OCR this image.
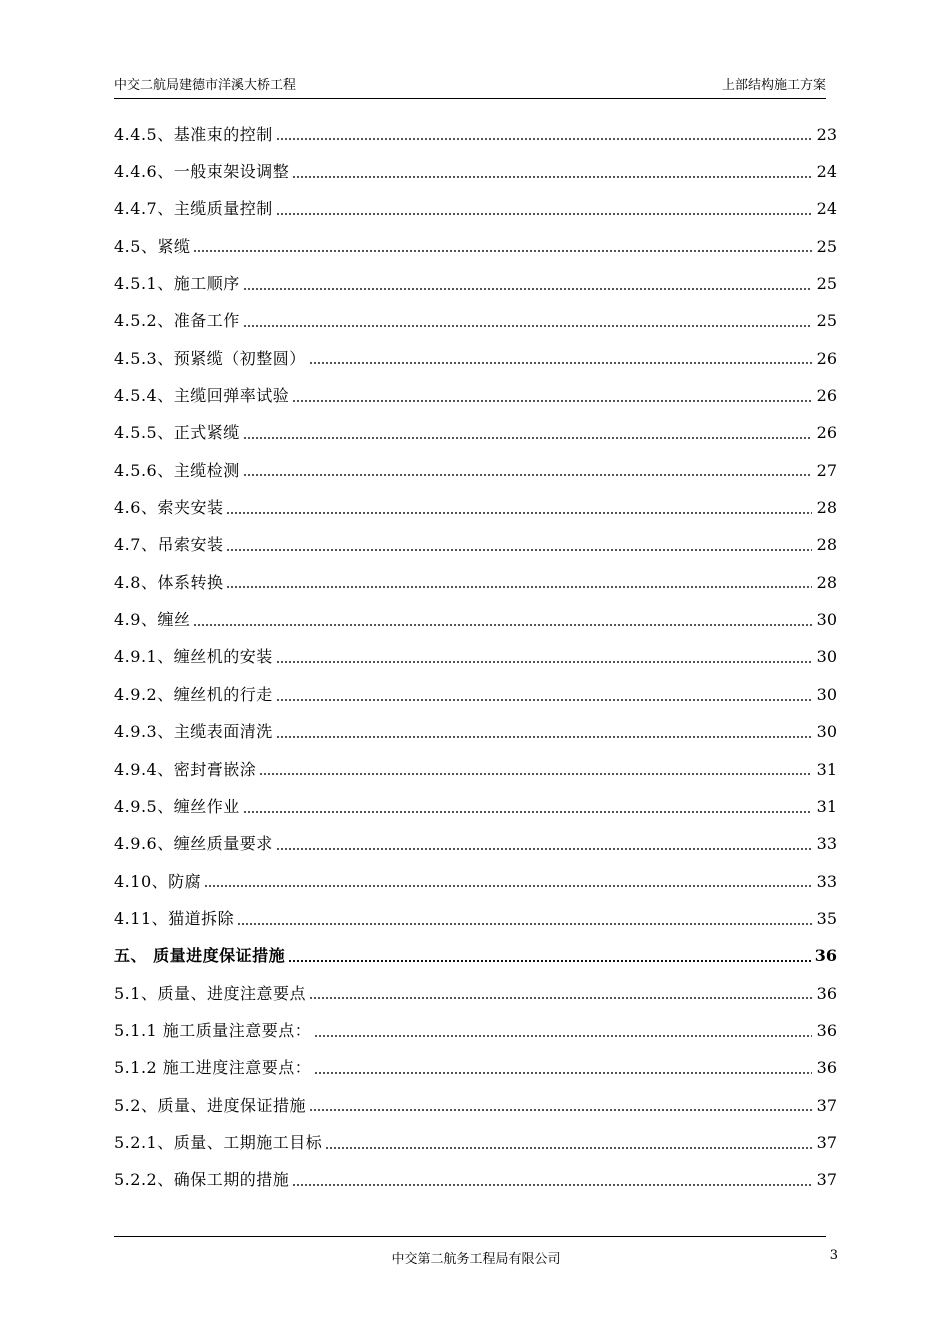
中交二航局建德市洋溪大桥工程	上部结构施工方案
4.4.5、基准束的控制	23
4.4.6、一般束架设调整	24
4.4.7、主缆质量控制	24
4.5、紧缆	25
4.5.1、施工顺序	25
4.5.2、准备工作	25
4.5.3、预紧缆（初整圆）	26
4.5.4、主缆回弹率试验	26
4.5.5、正式紧缆	26
4.5.6、主缆检测	27
4.6、索夹安装	28
4.7、吊索安装	28
4.8、体系转换	28
4.9、缠丝	30
4.9.1、缠丝机的安装	30
4.9.2、缠丝机的行走	30
4.9.3、主缆表面清洗	30
4.9.4、密封膏嵌涂	31
4.9.5、缠丝作业	31
4.9.6、缠丝质量要求	33
4.10、防腐	33
4.11、猫道拆除	35
五、 质量进度保证措施	36
5.1、质量、进度注意要点	36
5.1.1 施工质量注意要点：	36
5.1.2 施工进度注意要点：	36
5.2、质量、进度保证措施	37
5.2.1、质量、工期施工目标	37
5.2.2、确保工期的措施	37
中交第二航务工程局有限公司	3
